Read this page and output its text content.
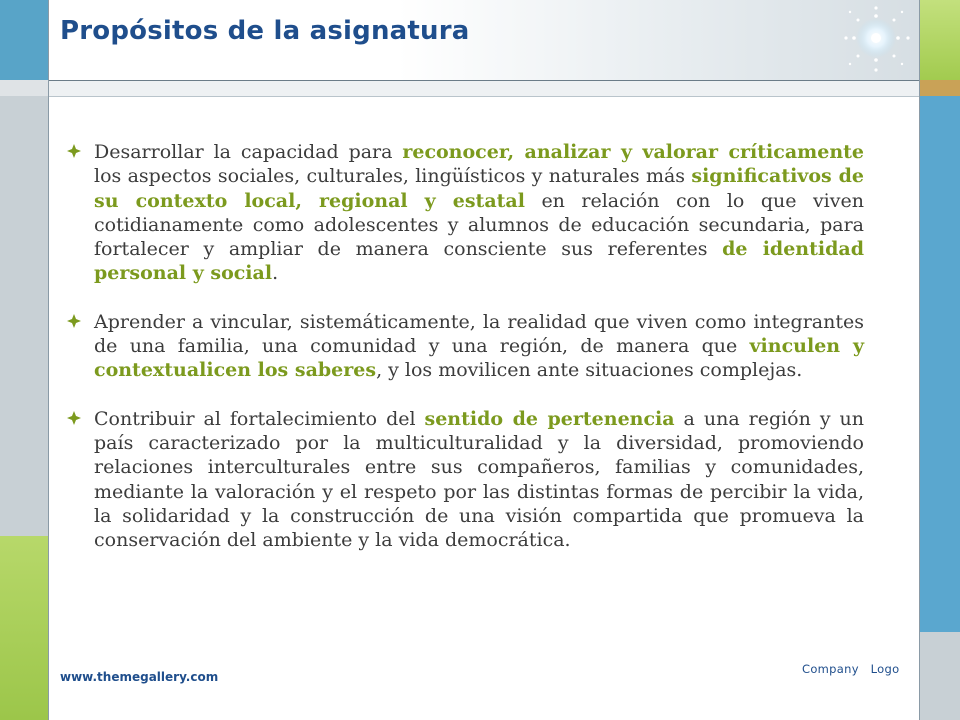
Propósitos de la asignatura

Desarrollar la capacidad para reconocer, analizar y valorar críticamente los aspectos sociales, culturales, lingüísticos y naturales más significativos de su contexto local, regional y estatal en relación con lo que viven cotidianamente como adolescentes y alumnos de educación secundaria, para fortalecer y ampliar de manera consciente sus referentes de identidad personal y social.

Aprender a vincular, sistemáticamente, la realidad que viven como integrantes de una familia, una comunidad y una región, de manera que vinculen y contextualicen los saberes, y los movilicen ante situaciones complejas.

Contribuir al fortalecimiento del sentido de pertenencia a una región y un país caracterizado por la multiculturalidad y la diversidad, promoviendo relaciones interculturales entre sus compañeros, familias y comunidades, mediante la valoración y el respeto por las distintas formas de percibir la vida, la solidaridad y la construcción de una visión compartida que promueva la conservación del ambiente y la vida democrática.

www.themegallery.com
Company   Logo
